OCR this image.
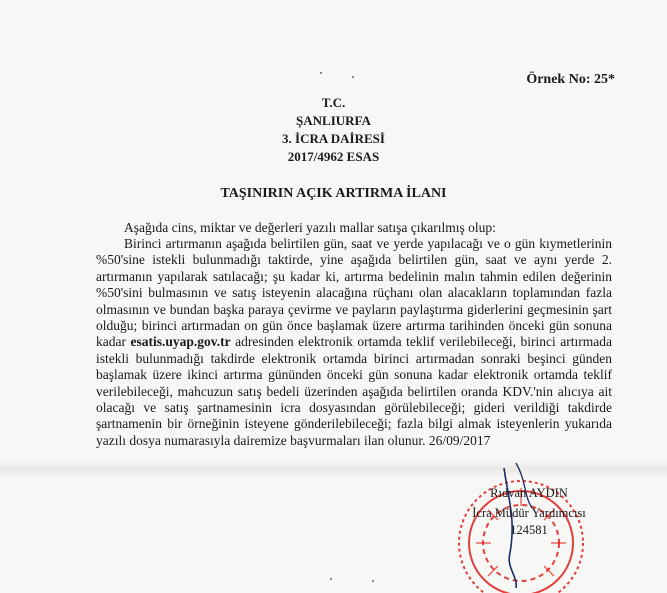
Örnek No: 25*
T.C.
ŞANLIURFA
3. İCRA DAİRESİ
2017/4962 ESAS
TAŞINIRIN AÇIK ARTIRMA İLANI
Aşağıda cins, miktar ve değerleri yazılı mallar satışa çıkarılmış olup:
Birinci artırmanın aşağıda belirtilen gün, saat ve yerde yapılacağı ve o gün kıymetlerinin %50'sine istekli bulunmadığı taktirde, yine aşağıda belirtilen gün, saat ve aynı yerde 2. artırmanın yapılarak satılacağı; şu kadar ki, artırma bedelinin malın tahmin edilen değerinin %50'sini bulmasının ve satış isteyenin alacağına rüçhanı olan alacakların toplamından fazla olmasının ve bundan başka paraya çevirme ve payların paylaştırma giderlerini geçmesinin şart olduğu; birinci artırmadan on gün önce başlamak üzere artırma tarihinden önceki gün sonuna kadar esatis.uyap.gov.tr adresinden elektronik ortamda teklif verilebileceği, birinci artırmada istekli bulunmadığı takdirde elektronik ortamda birinci artırmadan sonraki beşinci günden başlamak üzere ikinci artırma gününden önceki gün sonuna kadar elektronik ortamda teklif verilebileceği, mahcuzun satış bedeli üzerinden aşağıda belirtilen oranda KDV.'nin alıcıya ait olacağı ve satış şartnamesinin icra dosyasından görülebileceği; gideri verildiği takdirde şartnamenin bir örneğinin isteyene gönderilebileceği; fazla bilgi almak isteyenlerin yukarıda yazılı dosya numarasıyla dairemize başvurmaları ilan olunur. 26/09/2017
Rıdvan AYDIN
İcra Müdür Yardımcısı
124581
